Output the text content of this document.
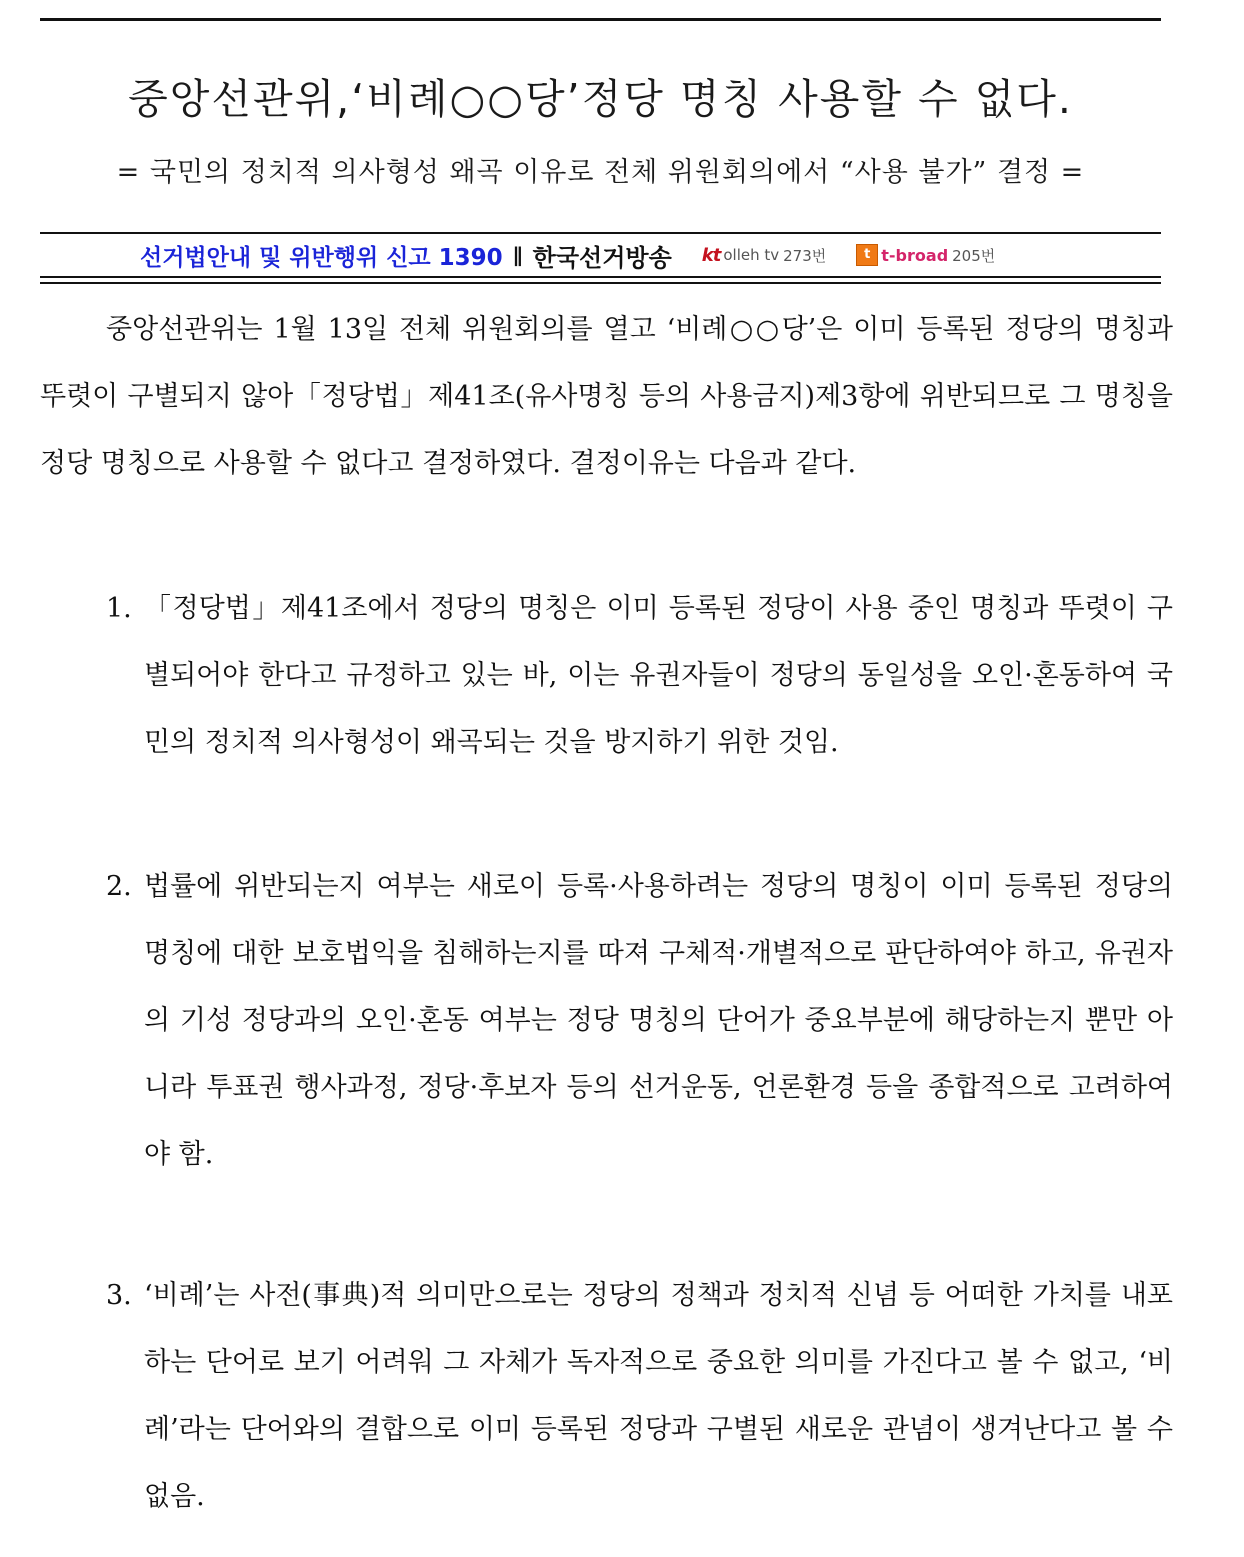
중앙선관위,‘비례○○당’정당 명칭 사용할 수 없다.
= 국민의 정치적 의사형성 왜곡 이유로 전체 위원회의에서 “사용 불가” 결정 =
선거법안내 및 위반행위 신고 1390 ∥ 한국선거방송 kt olleh tv 273번	t t-broad 205번
중앙선관위는 1월 13일 전체 위원회의를 열고 ‘비례○○당’은 이미 등록된 정당의 명칭과 뚜렷이 구별되지 않아「정당법」제41조(유사명칭 등의 사용금지)제3항에 위반되므로 그 명칭을 정당 명칭으로 사용할 수 없다고 결정하였다. 결정이유는 다음과 같다.
1. 「정당법」제41조에서 정당의 명칭은 이미 등록된 정당이 사용 중인 명칭과 뚜렷이 구별되어야 한다고 규정하고 있는 바, 이는 유권자들이 정당의 동일성을 오인·혼동하여 국민의 정치적 의사형성이 왜곡되는 것을 방지하기 위한 것임.
2. 법률에 위반되는지 여부는 새로이 등록·사용하려는 정당의 명칭이 이미 등록된 정당의 명칭에 대한 보호법익을 침해하는지를 따져 구체적·개별적으로 판단하여야 하고, 유권자의 기성 정당과의 오인·혼동 여부는 정당 명칭의 단어가 중요부분에 해당하는지 뿐만 아니라 투표권 행사과정, 정당·후보자 등의 선거운동, 언론환경 등을 종합적으로 고려하여야 함.
3. ‘비례’는 사전(事典)적 의미만으로는 정당의 정책과 정치적 신념 등 어떠한 가치를 내포하는 단어로 보기 어려워 그 자체가 독자적으로 중요한 의미를 가진다고 볼 수 없고, ‘비례’라는 단어와의 결합으로 이미 등록된 정당과 구별된 새로운 관념이 생겨난다고 볼 수 없음.
